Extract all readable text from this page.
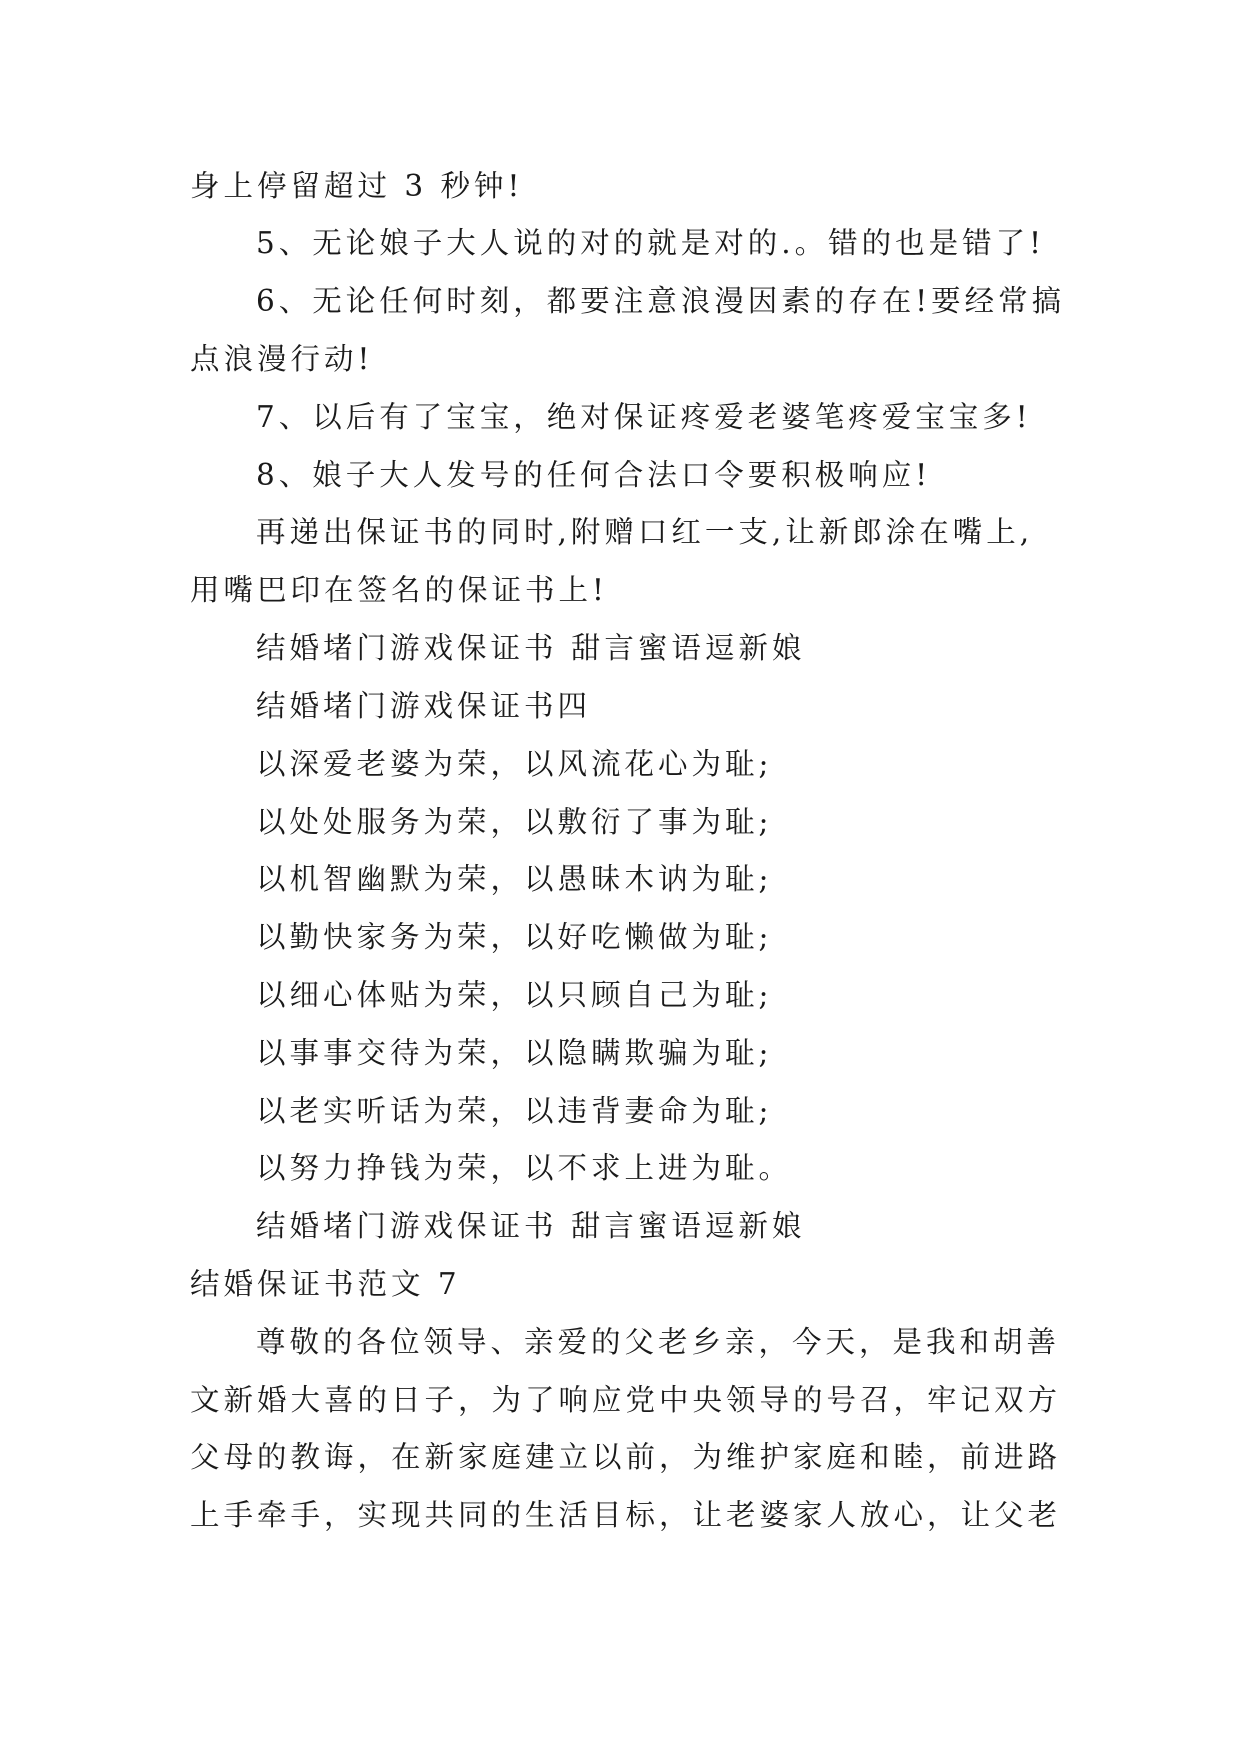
身上停留超过 3 秒钟!
5、无论娘子大人说的对的就是对的.。错的也是错了!
6、无论任何时刻，都要注意浪漫因素的存在!要经常搞
点浪漫行动!
7、以后有了宝宝，绝对保证疼爱老婆笔疼爱宝宝多!
8、娘子大人发号的任何合法口令要积极响应!
再递出保证书的同时,附赠口红一支,让新郎涂在嘴上,
用嘴巴印在签名的保证书上!
结婚堵门游戏保证书 甜言蜜语逗新娘
结婚堵门游戏保证书四
以深爱老婆为荣，以风流花心为耻;
以处处服务为荣，以敷衍了事为耻;
以机智幽默为荣，以愚昧木讷为耻;
以勤快家务为荣，以好吃懒做为耻;
以细心体贴为荣，以只顾自己为耻;
以事事交待为荣，以隐瞒欺骗为耻;
以老实听话为荣，以违背妻命为耻;
以努力挣钱为荣，以不求上进为耻。
结婚堵门游戏保证书 甜言蜜语逗新娘
结婚保证书范文 7
尊敬的各位领导、亲爱的父老乡亲，今天，是我和胡善
文新婚大喜的日子，为了响应党中央领导的号召，牢记双方
父母的教诲，在新家庭建立以前，为维护家庭和睦，前进路
上手牵手，实现共同的生活目标，让老婆家人放心，让父老
